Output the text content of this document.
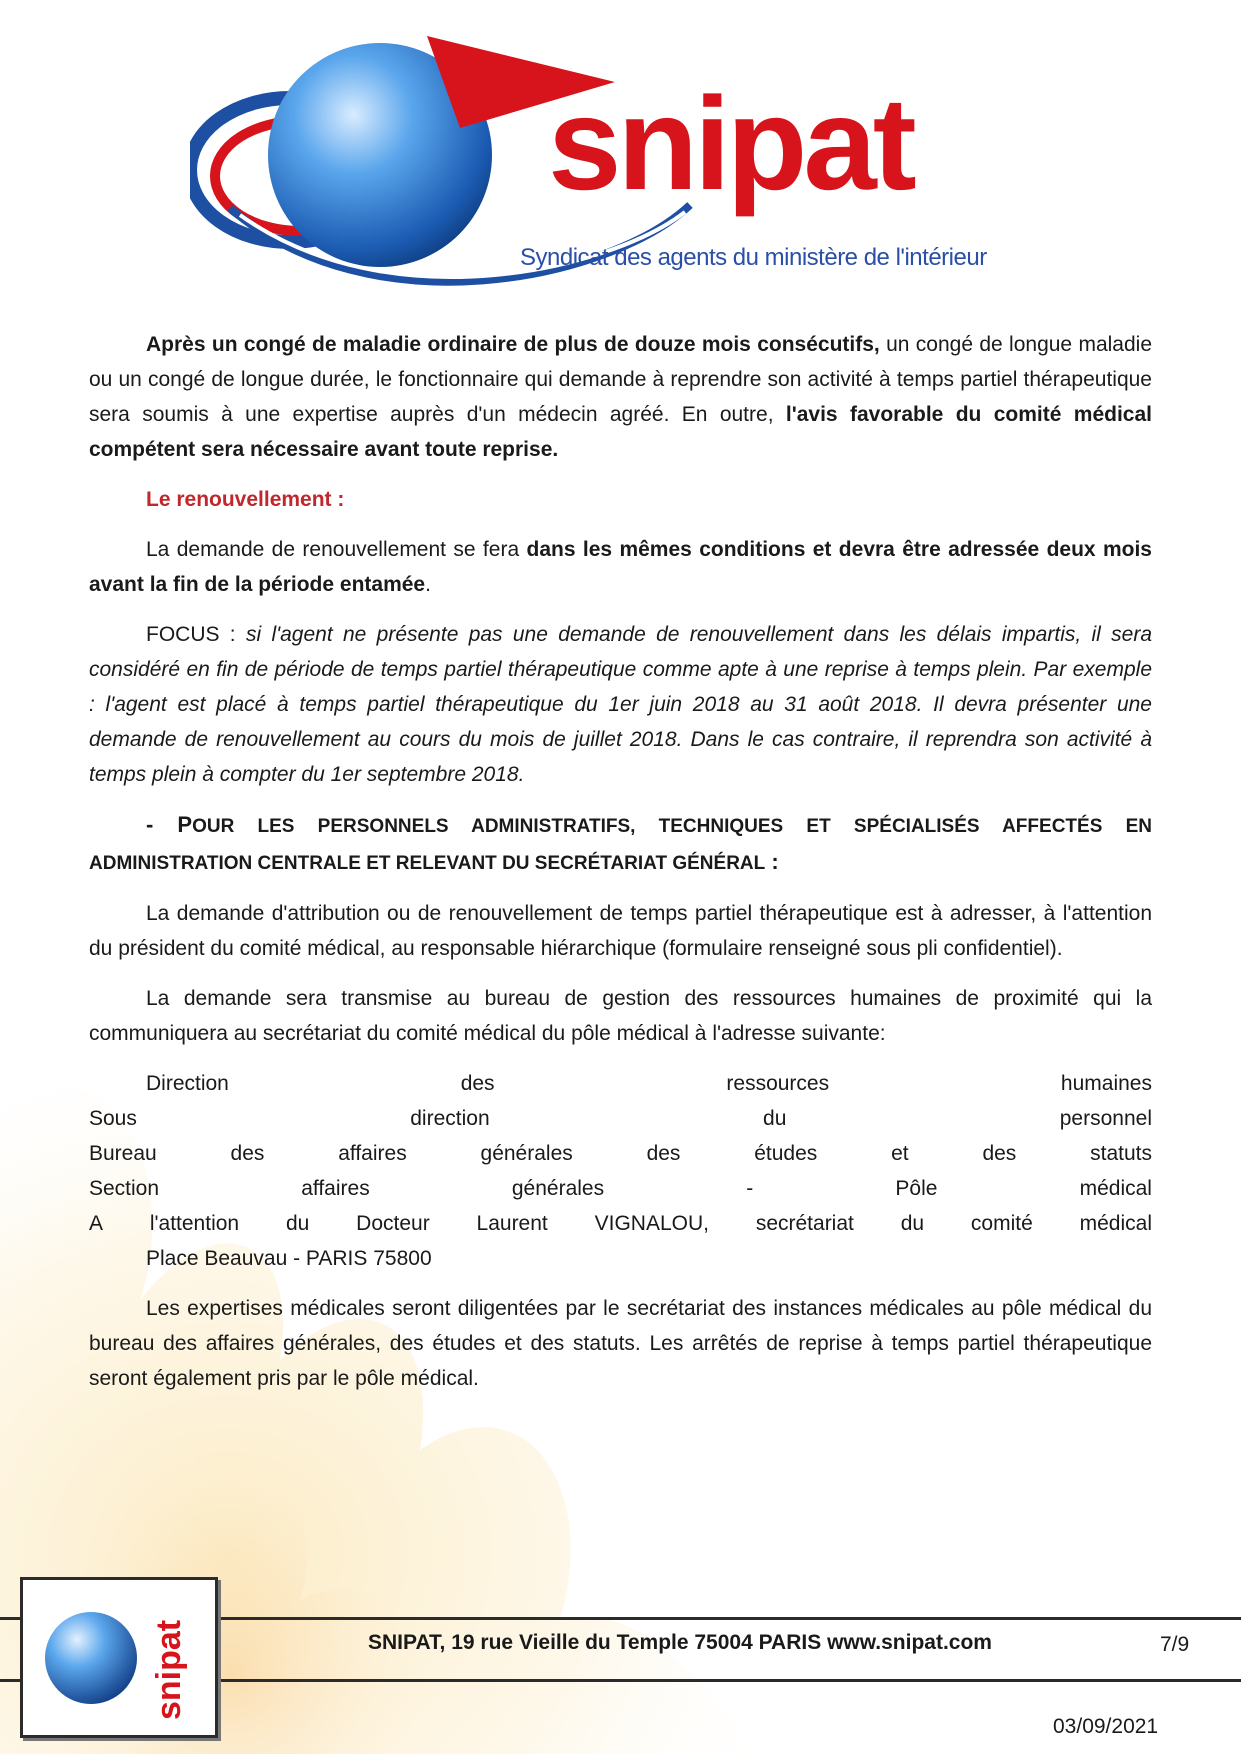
snipat
Syndicat des agents du ministère de l'intérieur

Après un congé de maladie ordinaire de plus de douze mois consécutifs, un congé de longue maladie ou un congé de longue durée, le fonctionnaire qui demande à reprendre son activité à temps partiel thérapeutique sera soumis à une expertise auprès d'un médecin agréé. En outre, l'avis favorable du comité médical compétent sera nécessaire avant toute reprise.

Le renouvellement :

La demande de renouvellement se fera dans les mêmes conditions et devra être adressée deux mois avant la fin de la période entamée.

FOCUS : si l'agent ne présente pas une demande de renouvellement dans les délais impartis, il sera considéré en fin de période de temps partiel thérapeutique comme apte à une reprise à temps plein. Par exemple : l'agent est placé à temps partiel thérapeutique du 1er juin 2018 au 31 août 2018. Il devra présenter une demande de renouvellement au cours du mois de juillet 2018. Dans le cas contraire, il reprendra son activité à temps plein à compter du 1er septembre 2018.

- POUR LES PERSONNELS ADMINISTRATIFS, TECHNIQUES ET SPÉCIALISÉS AFFECTÉS EN ADMINISTRATION CENTRALE ET RELEVANT DU SECRÉTARIAT GÉNÉRAL :

La demande d'attribution ou de renouvellement de temps partiel thérapeutique est à adresser, à l'attention du président du comité médical, au responsable hiérarchique (formulaire renseigné sous pli confidentiel).

La demande sera transmise au bureau de gestion des ressources humaines de proximité qui la communiquera au secrétariat du comité médical du pôle médical à l'adresse suivante:

Direction	des	ressources	humaines
Sous	direction	du	personnel
Bureau	des	affaires	générales	des	études	et	des	statuts
Section	affaires	générales	-	Pôle	médical
A l'attention du Docteur Laurent VIGNALOU, secrétariat du comité médical

Place Beauvau - PARIS 75800

Les expertises médicales seront diligentées par le secrétariat des instances médicales au pôle médical du bureau des affaires générales, des études et des statuts. Les arrêtés de reprise à temps partiel thérapeutique seront également pris par le pôle médical.

SNIPAT, 19 rue Vieille du Temple 75004 PARIS www.snipat.com	7/9
snipat
03/09/2021
